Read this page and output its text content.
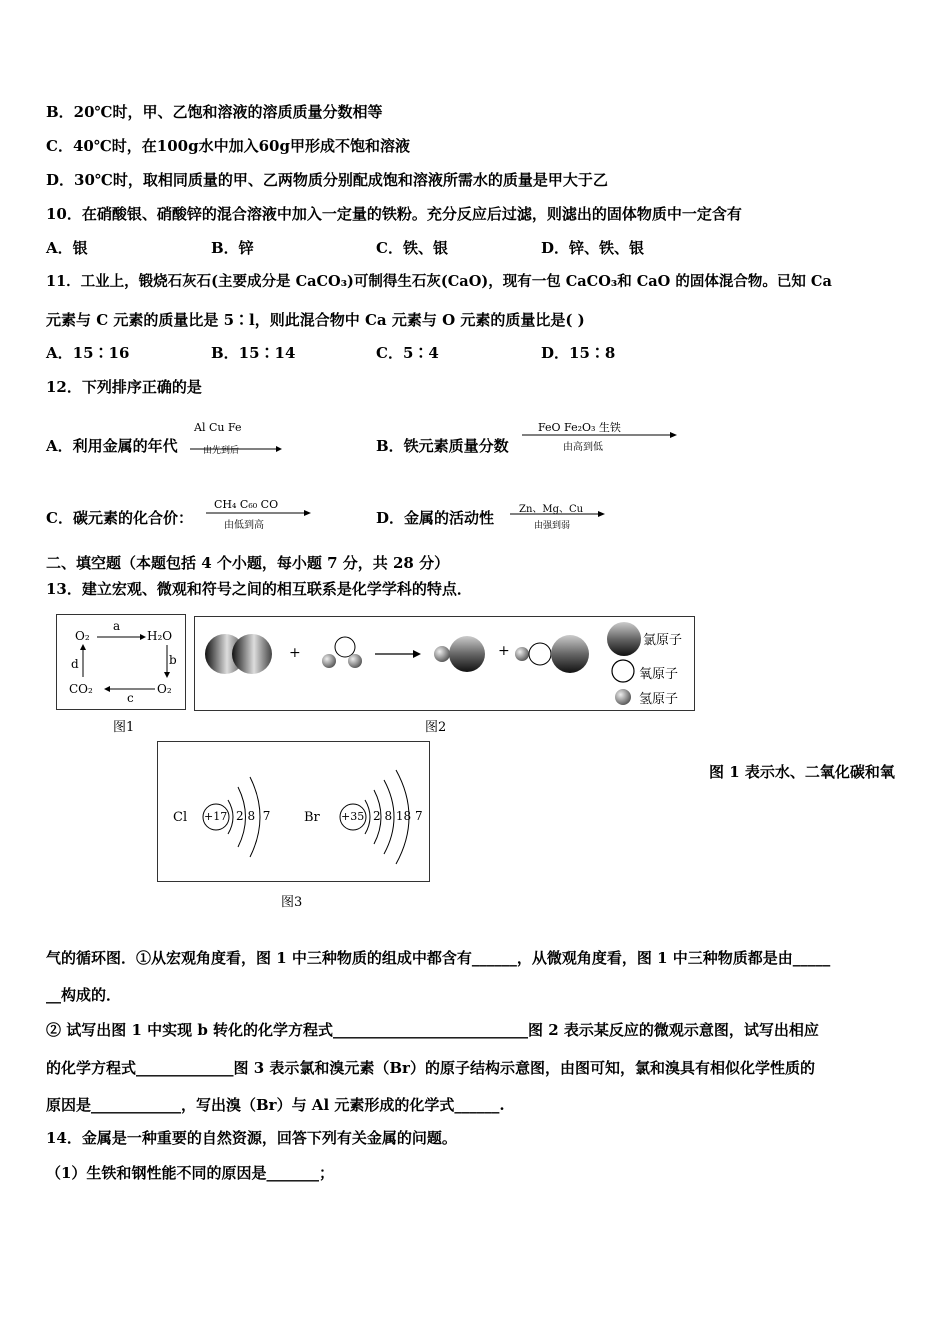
B．20℃时，甲、乙饱和溶液的溶质质量分数相等
C．40℃时，在100g水中加入60g甲形成不饱和溶液
D．30℃时，取相同质量的甲、乙两物质分别配成饱和溶液所需水的质量是甲大于乙
10．在硝酸银、硝酸锌的混合溶液中加入一定量的铁粉。充分反应后过滤，则滤出的固体物质中一定含有
A．银	B．锌	C．铁、银	D．锌、铁、银
11．工业上，锻烧石灰石(主要成分是 CaCO₃)可制得生石灰(CaO)，现有一包 CaCO₃和 CaO 的固体混合物。已知 Ca
元素与 C 元素的质量比是 5∶l，则此混合物中 Ca 元素与 O 元素的质量比是( )
A．15∶16	B．15∶14	C．5∶4	D．15∶8
12．下列排序正确的是
A．利用金属的年代
Al Cu Fe
由先到后	B．铁元素质量分数
FeO Fe₂O₃ 生铁
由高到低
C．碳元素的化合价：
CH₄ C₆₀ CO
由低到高	D．金属的活动性 Zn、Mg、Cu
由强到弱
二、填空题（本题包括 4 个小题，每小题 7 分，共 28 分）
13．建立宏观、微观和符号之间的相互联系是化学学科的特点．
O₂	H₂O
CO₂	O₂
a
b
c
d
图1
+	+
氯原子
氧原子
氢原子
图2
Cl +17 2 8  7	Br +35 2 8 18 7
图3
图 1 表示水、二氧化碳和氧
气的循环图．①从宏观角度看，图 1 中三种物质的组成中都含有______，从微观角度看，图 1 中三种物质都是由_____
__构成的．
② 试写出图 1 中实现 b 转化的化学方程式__________________________图 2 表示某反应的微观示意图，试写出相应
的化学方程式_____________图 3 表示氯和溴元素（Br）的原子结构示意图，由图可知，氯和溴具有相似化学性质的
原因是____________，写出溴（Br）与 Al 元素形成的化学式______.
14．金属是一种重要的自然资源，回答下列有关金属的问题。
（1）生铁和钢性能不同的原因是_______；
